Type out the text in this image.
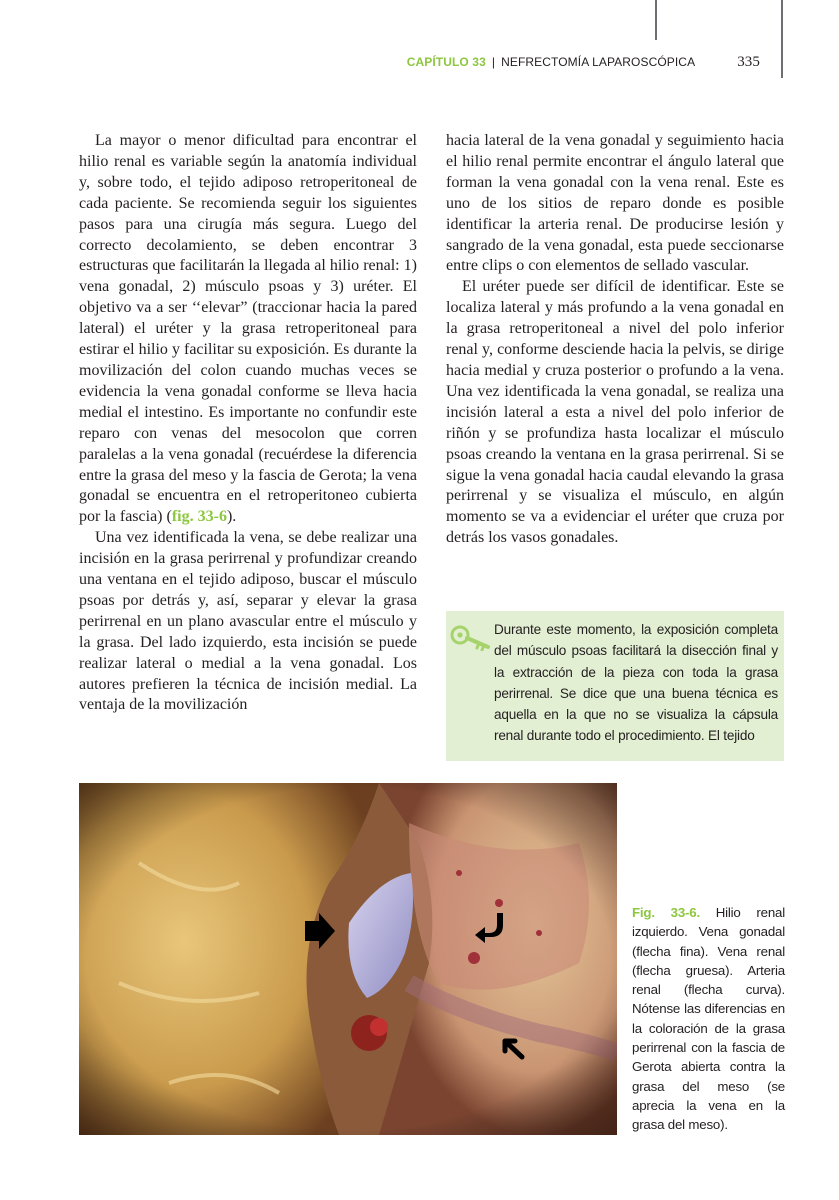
CAPÍTULO 33 | NEFRECTOMÍA LAPAROSCÓPICA	335

La mayor o menor dificultad para encontrar el hilio renal es variable según la anatomía individual y, sobre todo, el tejido adiposo retroperitoneal de cada paciente. Se recomienda seguir los siguientes pasos para una cirugía más segura. Luego del correcto decolamiento, se deben encontrar 3 estructuras que facilitarán la llegada al hilio renal: 1) vena gonadal, 2) músculo psoas y 3) uréter. El objetivo va a ser ‘‘elevar” (traccionar hacia la pared lateral) el uréter y la grasa retroperitoneal para estirar el hilio y facilitar su exposición. Es durante la movilización del colon cuando muchas veces se evidencia la vena gonadal conforme se lleva hacia medial el intestino. Es importante no confundir este reparo con venas del mesocolon que corren paralelas a la vena gonadal (recuérdese la diferencia entre la grasa del meso y la fascia de Gerota; la vena gonadal se encuentra en el retroperitoneo cubierta por la fascia) (fig. 33-6).

Una vez identificada la vena, se debe realizar una incisión en la grasa perirrenal y profundizar creando una ventana en el tejido adiposo, buscar el músculo psoas por detrás y, así, separar y elevar la grasa perirrenal en un plano avascular entre el músculo y la grasa. Del lado izquierdo, esta incisión se puede realizar lateral o medial a la vena gonadal. Los autores prefieren la técnica de incisión medial. La ventaja de la movilización

hacia lateral de la vena gonadal y seguimiento hacia el hilio renal permite encontrar el ángulo lateral que forman la vena gonadal con la vena renal. Este es uno de los sitios de reparo donde es posible identificar la arteria renal. De producirse lesión y sangrado de la vena gonadal, esta puede seccionarse entre clips o con elementos de sellado vascular.

El uréter puede ser difícil de identificar. Este se localiza lateral y más profundo a la vena gonadal en la grasa retroperitoneal a nivel del polo inferior renal y, conforme desciende hacia la pelvis, se dirige hacia medial y cruza posterior o profundo a la vena. Una vez identificada la vena gonadal, se realiza una incisión lateral a esta a nivel del polo inferior de riñón y se profundiza hasta localizar el músculo psoas creando la ventana en la grasa perirrenal. Si se sigue la vena gonadal hacia caudal elevando la grasa perirrenal y se visualiza el músculo, en algún momento se va a evidenciar el uréter que cruza por detrás los vasos gonadales.

Durante este momento, la exposición completa del músculo psoas facilitará la disección final y la extracción de la pieza con toda la grasa perirrenal. Se dice que una buena técnica es aquella en la que no se visualiza la cápsula renal durante todo el procedimiento. El tejido
Fig. 33-6. Hilio renal izquierdo. Vena gonadal (flecha fina). Vena renal (flecha gruesa). Arteria renal (flecha curva). Nótense las diferencias en la coloración de la grasa perirrenal con la fascia de Gerota abierta contra la grasa del meso (se aprecia la vena en la grasa del meso).
